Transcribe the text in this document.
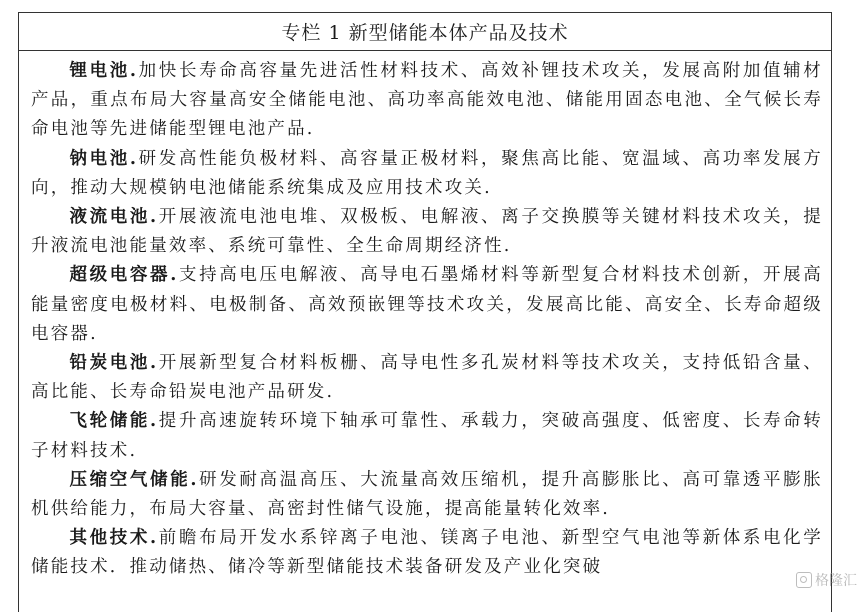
专栏 1 新型储能本体产品及技术

锂电池.加快长寿命高容量先进活性材料技术、高效补锂技术攻关，发展高附加值辅材产品，重点布局大容量高安全储能电池、高功率高能效电池、储能用固态电池、全气候长寿命电池等先进储能型锂电池产品.

钠电池.研发高性能负极材料、高容量正极材料，聚焦高比能、宽温域、高功率发展方向，推动大规模钠电池储能系统集成及应用技术攻关.

液流电池.开展液流电池电堆、双极板、电解液、离子交换膜等关键材料技术攻关，提升液流电池能量效率、系统可靠性、全生命周期经济性.

超级电容器.支持高电压电解液、高导电石墨烯材料等新型复合材料技术创新，开展高能量密度电极材料、电极制备、高效预嵌锂等技术攻关，发展高比能、高安全、长寿命超级电容器.

铅炭电池.开展新型复合材料板栅、高导电性多孔炭材料等技术攻关，支持低铅含量、高比能、长寿命铅炭电池产品研发.

飞轮储能.提升高速旋转环境下轴承可靠性、承载力，突破高强度、低密度、长寿命转子材料技术.

压缩空气储能.研发耐高温高压、大流量高效压缩机，提升高膨胀比、高可靠透平膨胀机供给能力，布局大容量、高密封性储气设施，提高能量转化效率.

其他技术.前瞻布局开发水系锌离子电池、镁离子电池、新型空气电池等新体系电化学储能技术．推动储热、储冷等新型储能技术装备研发及产业化突破

格隆汇
